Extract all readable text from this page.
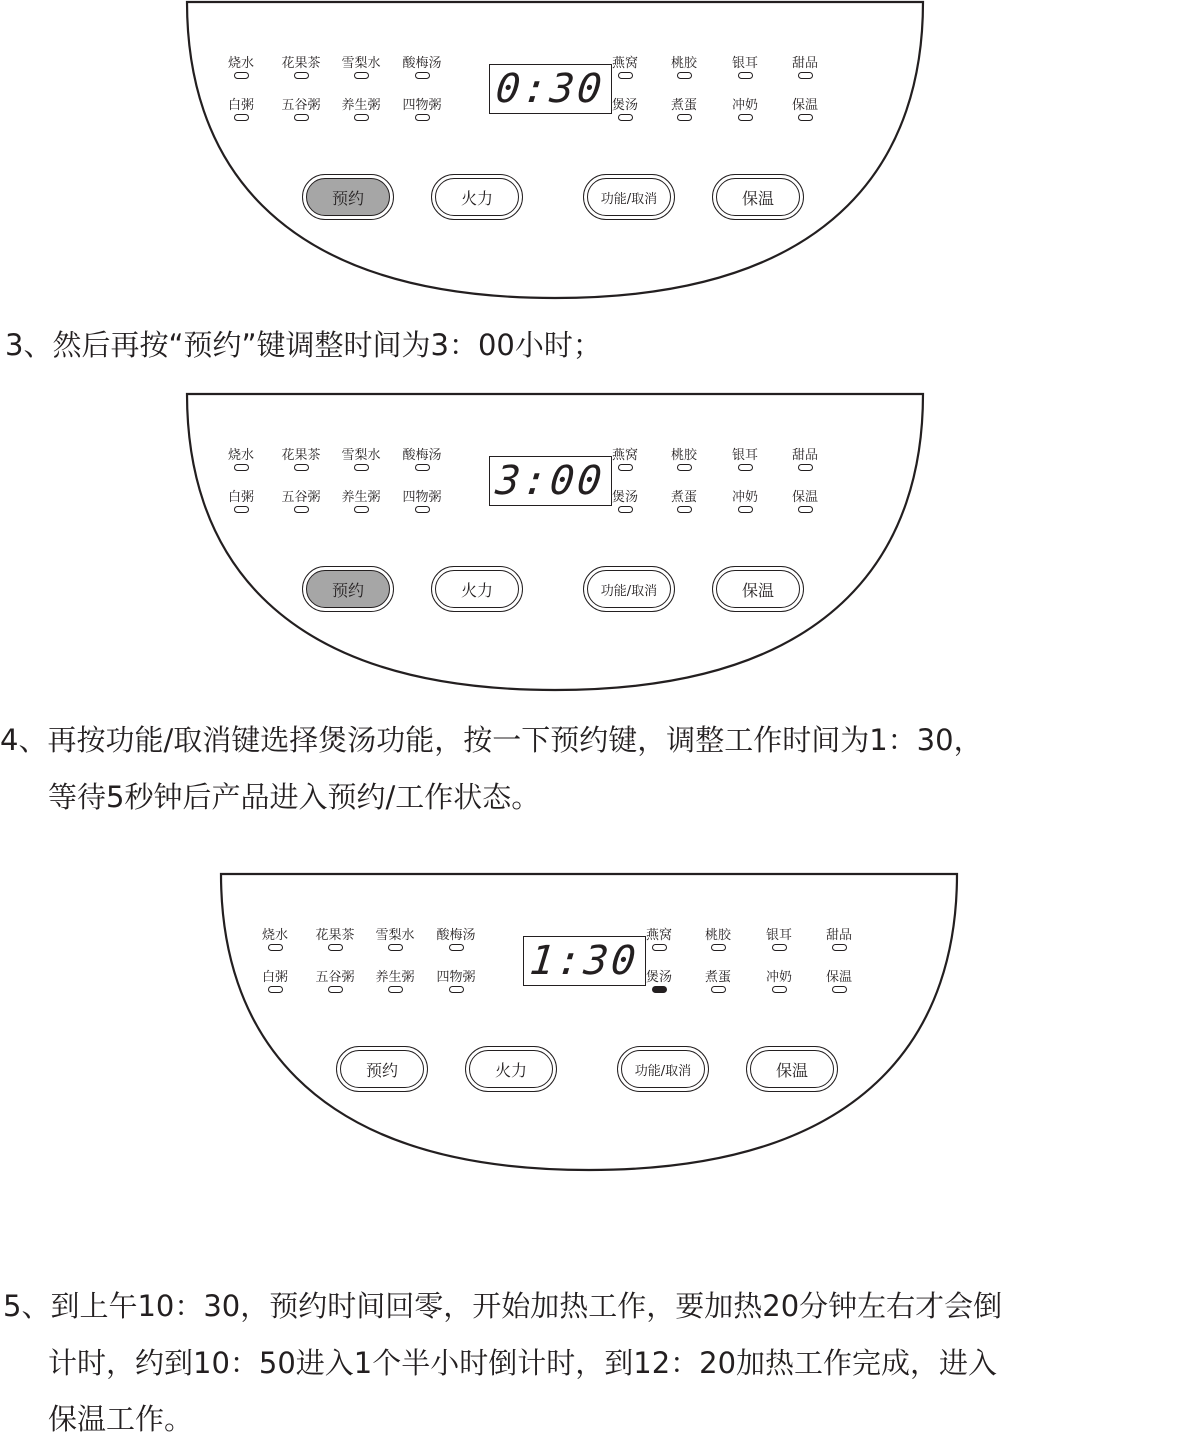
0:30
烧水	花果茶	雪梨水	酸梅汤
白粥	五谷粥	养生粥	四物粥
燕窝	桃胶	银耳	甜品
煲汤	煮蛋	冲奶	保温
预约	火力	功能/取消	保温
3:00
烧水	花果茶	雪梨水	酸梅汤
白粥	五谷粥	养生粥	四物粥
燕窝	桃胶	银耳	甜品
煲汤	煮蛋	冲奶	保温
预约	火力	功能/取消	保温
1:30
烧水	花果茶	雪梨水	酸梅汤
白粥	五谷粥	养生粥	四物粥
燕窝	桃胶	银耳	甜品
煲汤	煮蛋	冲奶	保温
预约	火力	功能/取消	保温
3、然后再按“预约”键调整时间为3：00小时；
4、再按功能/取消键选择煲汤功能，按一下预约键，调整工作时间为1：30，
等待5秒钟后产品进入预约/工作状态。
5、到上午10：30，预约时间回零，开始加热工作，要加热20分钟左右才会倒
计时，约到10：50进入1个半小时倒计时，到12：20加热工作完成，进入
保温工作。
